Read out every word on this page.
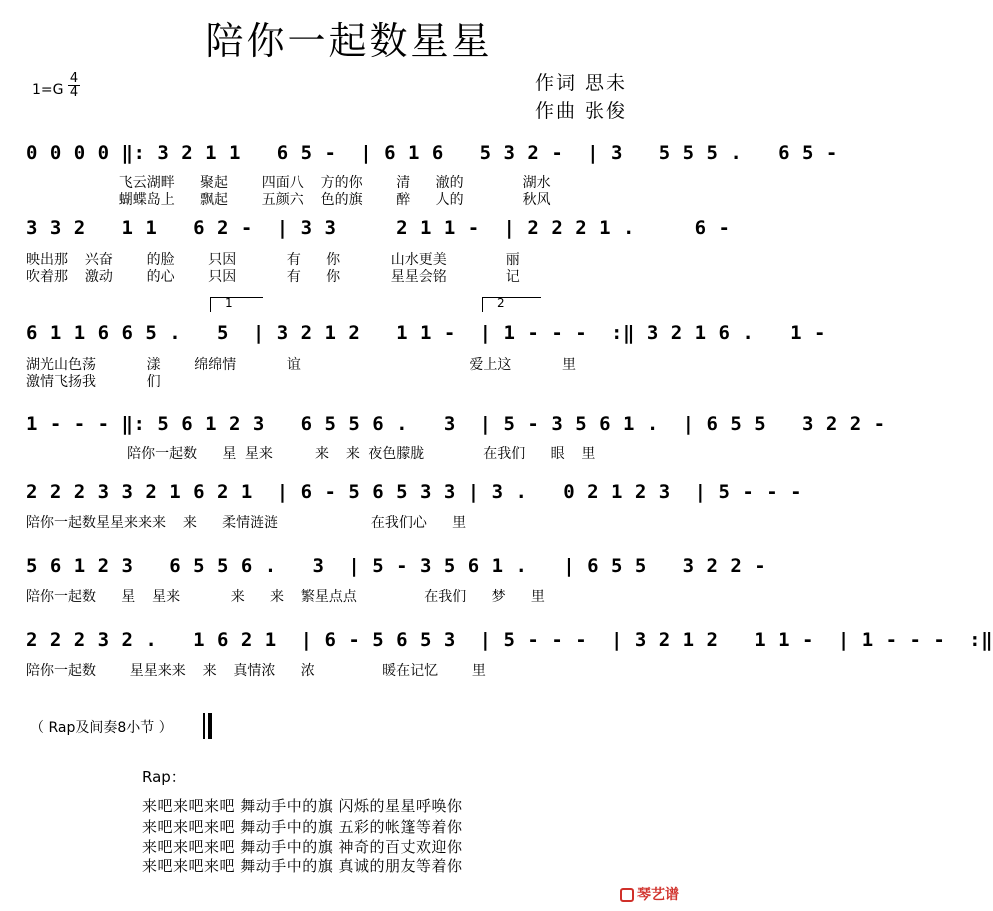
陪你一起数星星
$1=G \frac{4}{4}$	作词 思未
作曲 张俊
0 0 0 0 ‖: 3 2 1 1   6 5 -  | 6 1 6   5 3 2 -  | 3   5 5 5 .   6 5 -
飞云湖畔   聚起    四面八  方的你    清   澈的       湖水
蝴蝶岛上   飘起    五颜六  色的旗    醉   人的       秋风
3 3 2   1 1   6 2 -  | 3 3     2 1 1 -  | 2 2 2 1 .     6 -
映出那  兴奋    的脸    只因      有   你      山水更美       丽
吹着那  激动    的心    只因      有   你      星星会铭       记
1	2
6 1 1 6 6 5 .   5  | 3 2 1 2   1 1 -  | 1 - - -  :‖ 3 2 1 6 .   1 -
湖光山色荡      漾    绵绵情      谊                    爱上这      里
激情飞扬我      们
1 - - - ‖: 5 6 1 2 3   6 5 5 6 .   3  | 5 - 3 5 6 1 .  | 6 5 5   3 2 2 -
陪你一起数   星 星来     来  来 夜色朦胧       在我们   眼  里
2 2 2 3 3 2 1 6 2 1  | 6 - 5 6 5 3 3 | 3 .   0 2 1 2 3  | 5 - - -
陪你一起数星星来来来  来   柔情涟涟           在我们心   里
5 6 1 2 3   6 5 5 6 .   3  | 5 - 3 5 6 1 .   | 6 5 5   3 2 2 -
陪你一起数   星  星来      来   来  繁星点点        在我们   梦   里
2 2 2 3 2 .   1 6 2 1  | 6 - 5 6 5 3  | 5 - - -  | 3 2 1 2   1 1 -  | 1 - - -  :‖
陪你一起数    星星来来  来  真情浓   浓        暖在记忆    里
（ Rap及间奏8小节 ）
Rap：
来吧来吧来吧 舞动手中的旗 闪烁的星星呼唤你
来吧来吧来吧 舞动手中的旗 五彩的帐篷等着你
来吧来吧来吧 舞动手中的旗 神奇的百丈欢迎你
来吧来吧来吧 舞动手中的旗 真诚的朋友等着你
琴艺谱
